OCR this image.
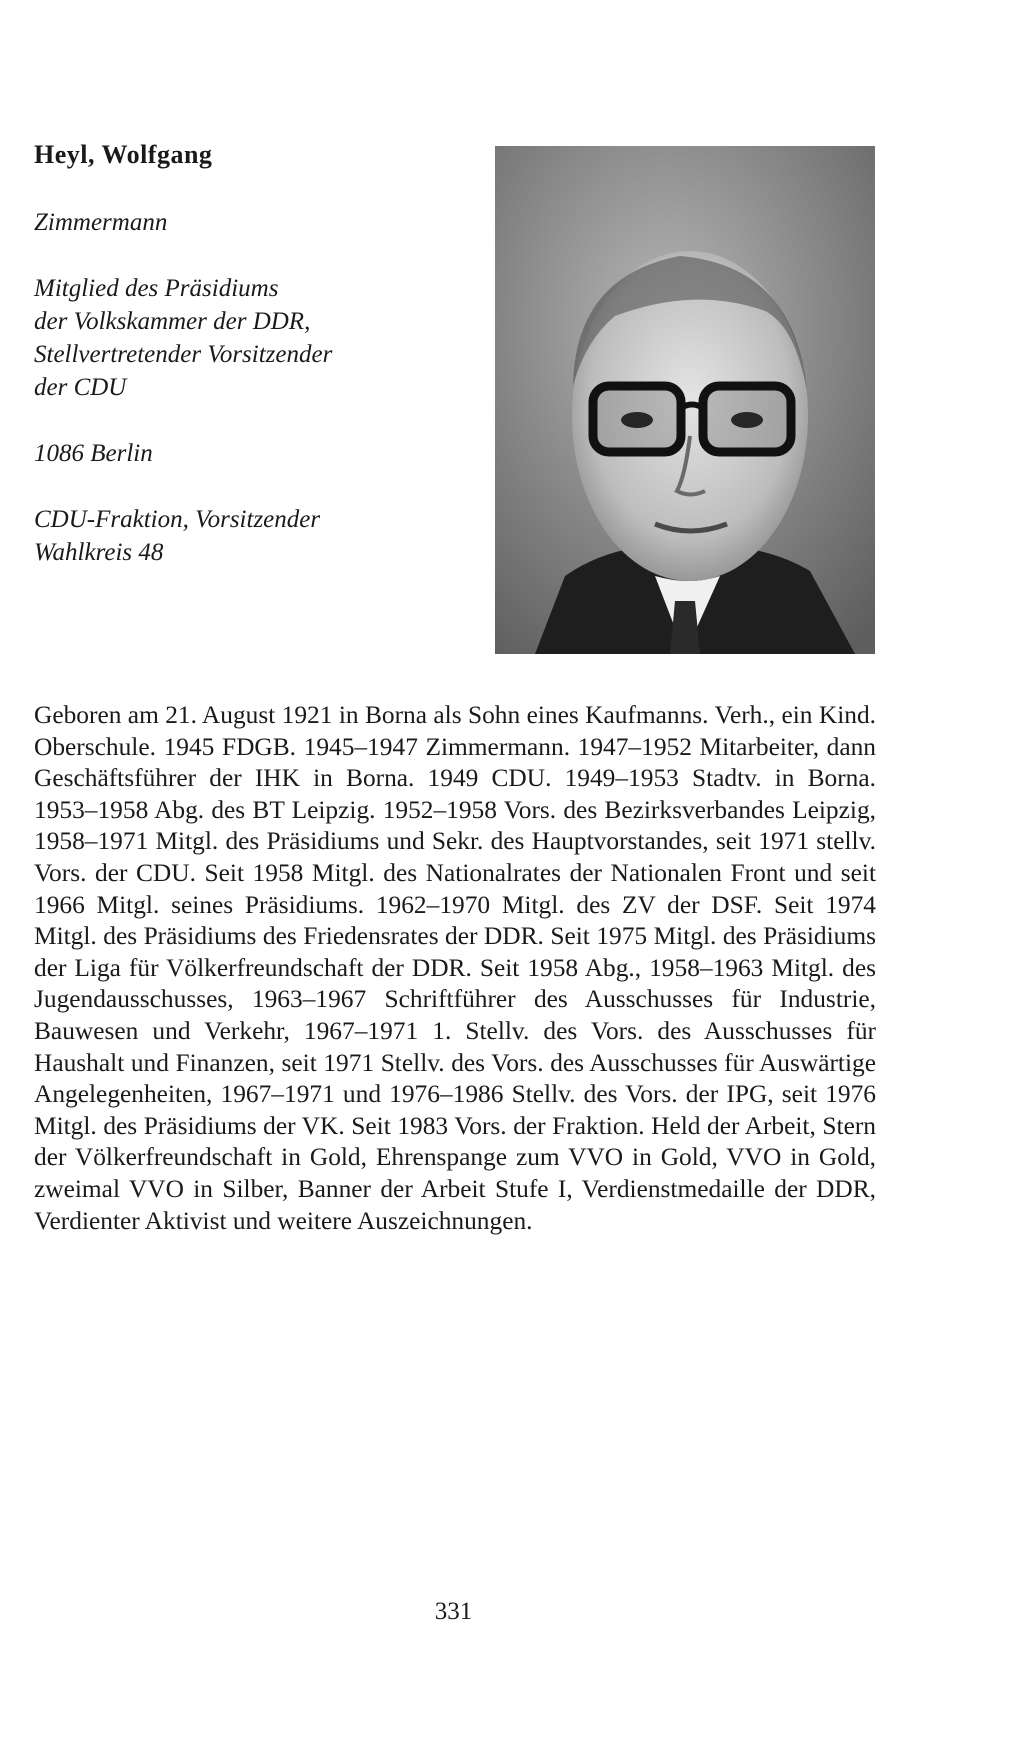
Heyl, Wolfgang
Zimmermann
Mitglied des Präsidiums
der Volkskammer der DDR,
Stellvertretender Vorsitzender
der CDU
1086 Berlin
CDU-Fraktion, Vorsitzender
Wahlkreis 48
Geboren am 21. August 1921 in Borna als Sohn eines Kaufmanns. Verh., ein Kind. Oberschule. 1945 FDGB. 1945–1947 Zimmermann. 1947–1952 Mitarbeiter, dann Geschäftsführer der IHK in Borna. 1949 CDU. 1949–1953 Stadtv. in Borna. 1953–1958 Abg. des BT Leipzig. 1952–1958 Vors. des Bezirksverbandes Leipzig, 1958–1971 Mitgl. des Präsidiums und Sekr. des Hauptvorstandes, seit 1971 stellv. Vors. der CDU. Seit 1958 Mitgl. des Nationalrates der Nationalen Front und seit 1966 Mitgl. seines Präsidiums. 1962–1970 Mitgl. des ZV der DSF. Seit 1974 Mitgl. des Präsidiums des Friedensrates der DDR. Seit 1975 Mitgl. des Präsidiums der Liga für Völkerfreundschaft der DDR. Seit 1958 Abg., 1958–1963 Mitgl. des Jugendausschusses, 1963–1967 Schriftführer des Ausschusses für Industrie, Bauwesen und Verkehr, 1967–1971 1. Stellv. des Vors. des Ausschusses für Haushalt und Finanzen, seit 1971 Stellv. des Vors. des Ausschusses für Auswärtige Angelegenheiten, 1967–1971 und 1976–1986 Stellv. des Vors. der IPG, seit 1976 Mitgl. des Präsidiums der VK. Seit 1983 Vors. der Fraktion. Held der Arbeit, Stern der Völkerfreundschaft in Gold, Ehrenspange zum VVO in Gold, VVO in Gold, zweimal VVO in Silber, Banner der Arbeit Stufe I, Verdienstmedaille der DDR, Verdienter Aktivist und weitere Auszeichnungen.
331
